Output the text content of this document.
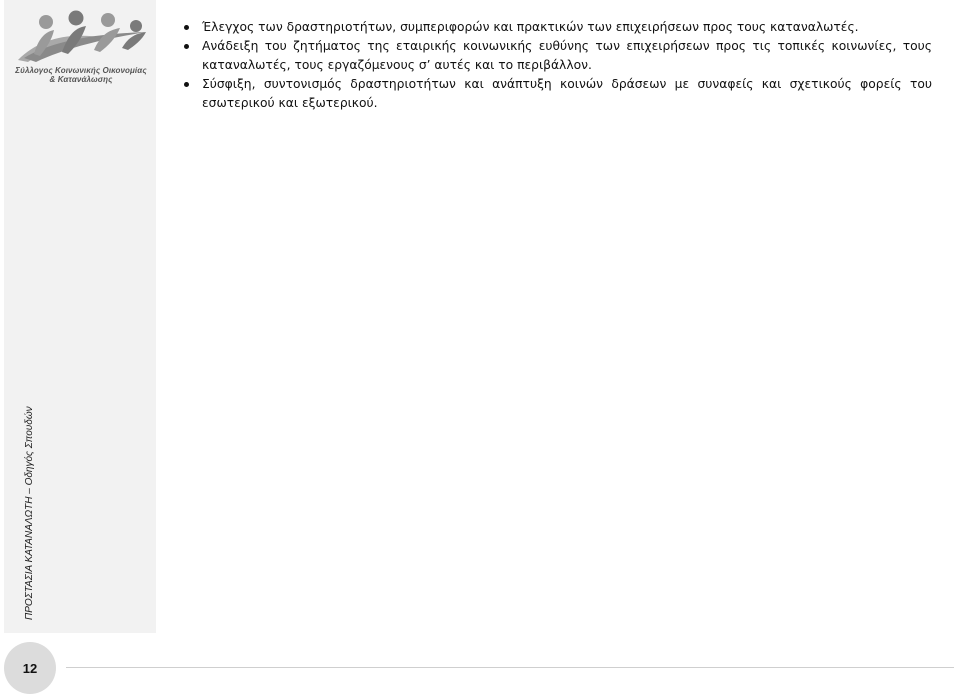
Σύλλογος Κοινωνικής Οικονομίας
& Κατανάλωσης
ΠΡΟΣΤΑΣΙΑ ΚΑΤΑΝΑΛΩΤΗ – Οδηγός Σπουδών
Έλεγχος των δραστηριοτήτων, συμπεριφορών και πρακτικών των επιχειρήσεων προς τους καταναλωτές.
Ανάδειξη του ζητήματος της εταιρικής κοινωνικής ευθύνης των επιχειρήσεων προς τις τοπικές κοινωνίες, τους καταναλωτές, τους εργαζόμενους σ’ αυτές και το περιβάλλον.
Σύσφιξη, συντονισμός δραστηριοτήτων και ανάπτυξη κοινών δράσεων με συναφείς και σχετικούς φορείς του εσωτερικού και εξωτερικού.
12
